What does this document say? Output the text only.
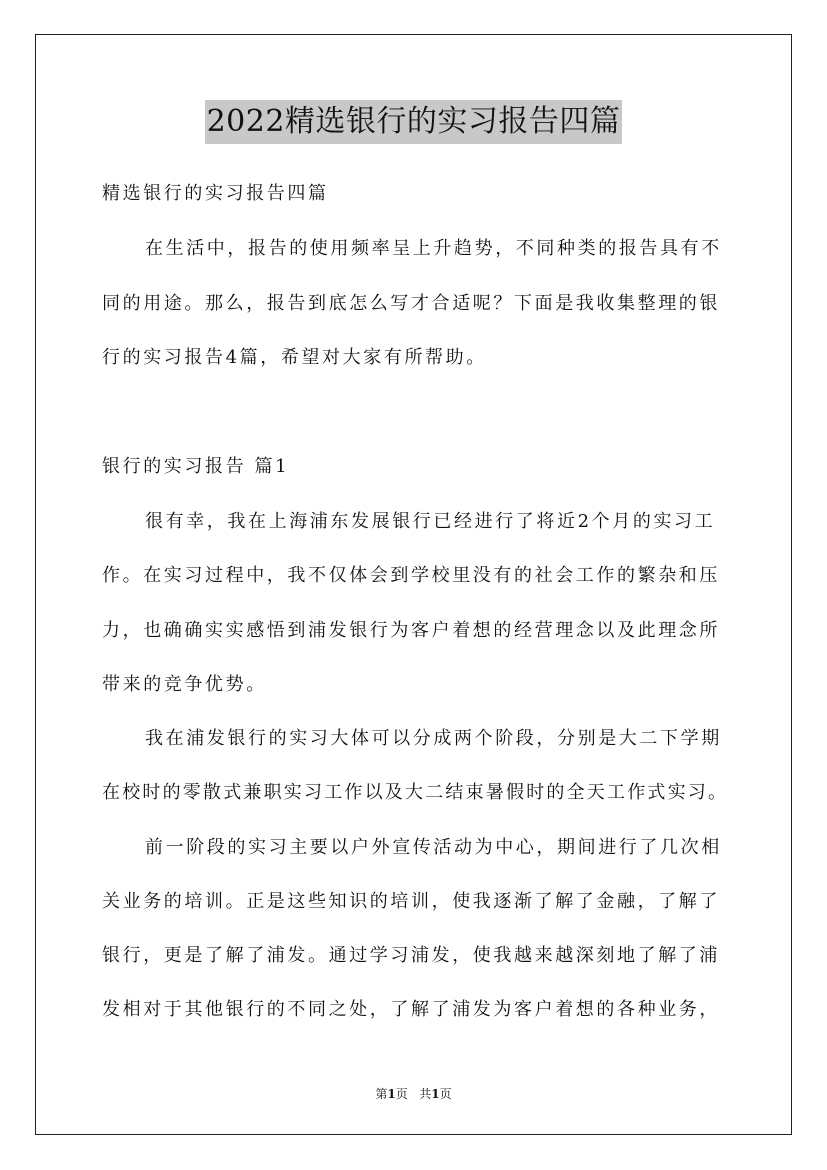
2022精选银行的实习报告四篇
精选银行的实习报告四篇
在生活中，报告的使用频率呈上升趋势，不同种类的报告具有不
同的用途。那么，报告到底怎么写才合适呢？下面是我收集整理的银
行的实习报告4篇，希望对大家有所帮助。
银行的实习报告 篇1
很有幸，我在上海浦东发展银行已经进行了将近2个月的实习工
作。在实习过程中，我不仅体会到学校里没有的社会工作的繁杂和压
力，也确确实实感悟到浦发银行为客户着想的经营理念以及此理念所
带来的竞争优势。
我在浦发银行的实习大体可以分成两个阶段，分别是大二下学期
在校时的零散式兼职实习工作以及大二结束暑假时的全天工作式实习。
前一阶段的实习主要以户外宣传活动为中心，期间进行了几次相
关业务的培训。正是这些知识的培训，使我逐渐了解了金融，了解了
银行，更是了解了浦发。通过学习浦发，使我越来越深刻地了解了浦
发相对于其他银行的不同之处，了解了浦发为客户着想的各种业务，
第1页 共1页
